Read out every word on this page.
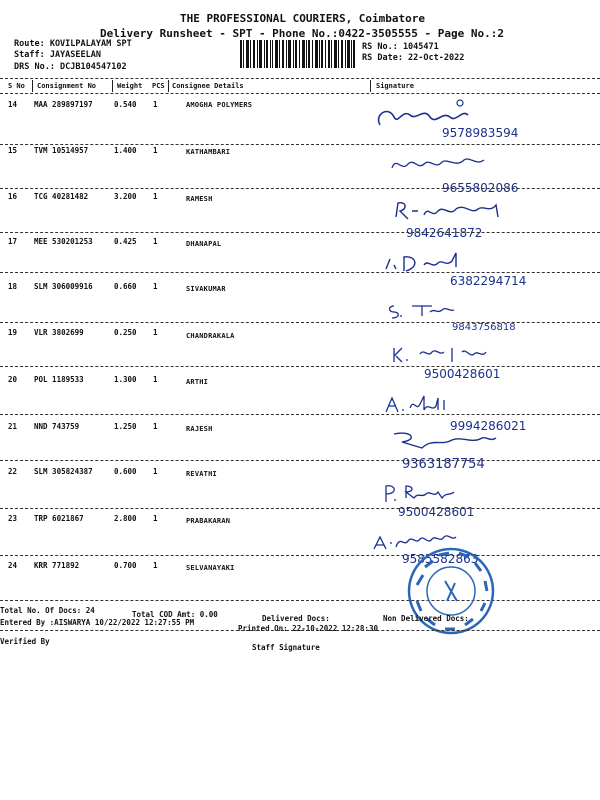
THE PROFESSIONAL COURIERS, Coimbatore
Delivery Runsheet - SPT - Phone No.:0422-3505555 - Page No.:2
Route: KOVILPALAYAM SPT
Staff: JAYASEELAN
DRS No.: DCJB104547102
RS No.: 1045471
RS Date: 22-Oct-2022
S No Consignment No	Weight PCS Consignee Details	Signature
14 MAA 289897197	0.540 1	AMOGHA POLYMERS
9578983594
15 TVM 10514957	1.400 1	KATHAMBARI
9655802086
16 TCG 40281482	3.200 1	RAMESH
9842641872
17 MEE 530201253	0.425 1	DHANAPAL
6382294714
18 SLM 306009916	0.660 1	SIVAKUMAR
9843756818
19 VLR 3802699	0.250 1	CHANDRAKALA
9500428601
20 POL 1189533	1.300 1	ARTHI
9994286021
21 NND 743759	1.250 1	RAJESH
9363187754
22 SLM 305824387	0.600 1	REVATHI
9500428601
23 TRP 6021867	2.800 1	PRABAKARAN
9585582863
24 KRR 771892	0.700 1	SELVANAYAKI
Total No. Of Docs: 24	Total COD Amt: 0.00	Delivered Docs:	Non Delivered Docs:
Entered By :AISWARYA 10/22/2022 12:27:55 PM
Printed On: 22-10-2022 12:28:30
Verified By
Staff Signature
